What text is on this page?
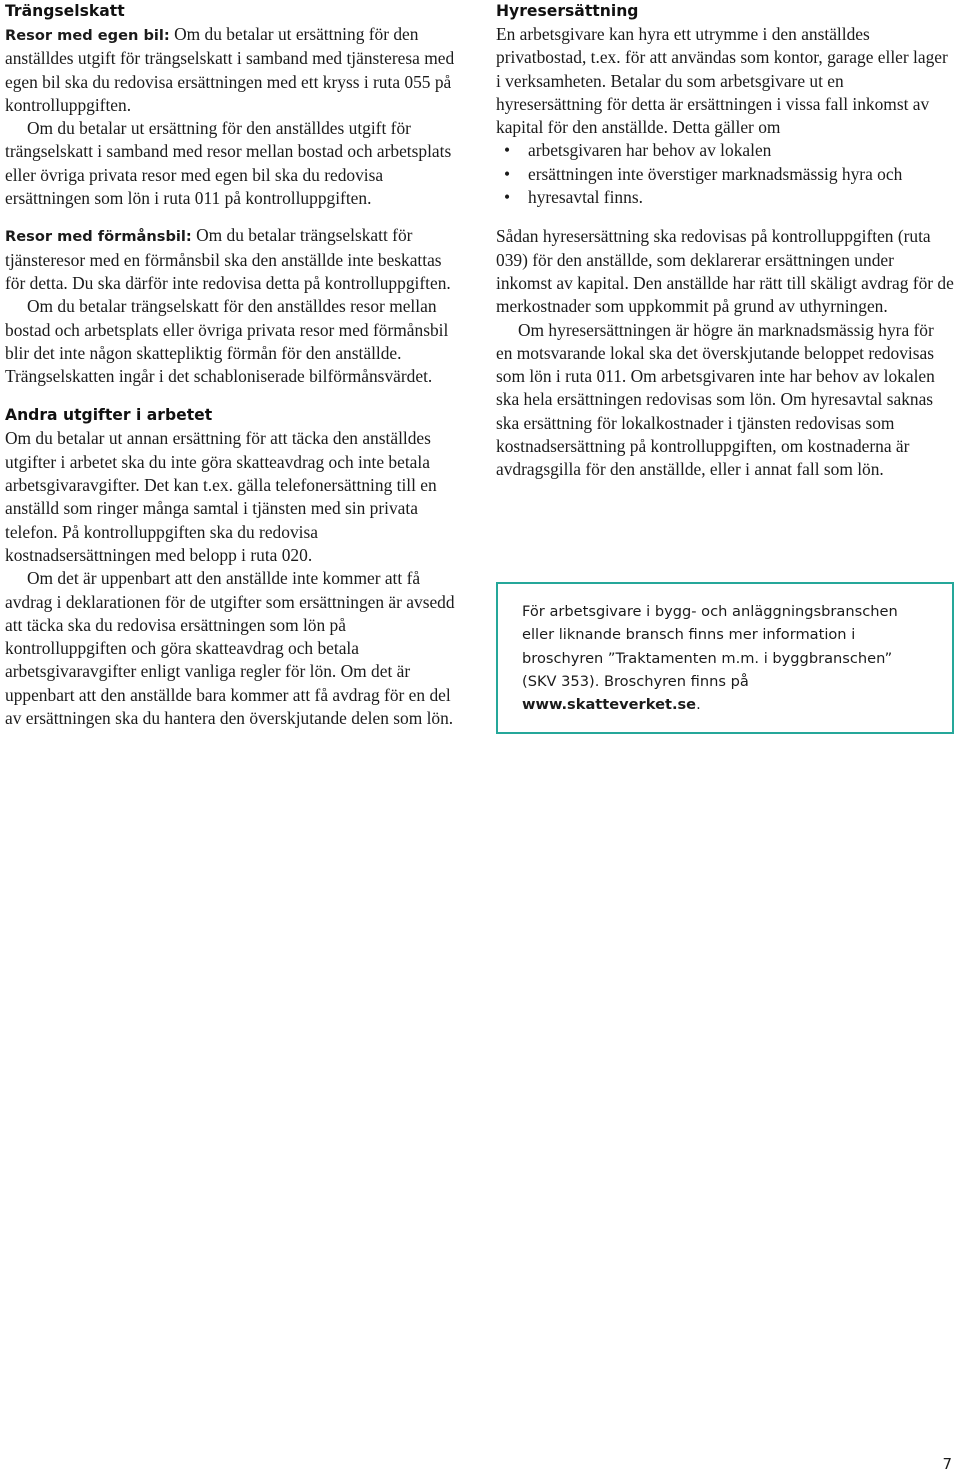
Trängselskatt

Resor med egen bil: Om du betalar ut ersättning för den anställdes utgift för trängselskatt i samband med tjänsteresa med egen bil ska du redovisa ersättningen med ett kryss i ruta 055 på kontrolluppgiften.

Om du betalar ut ersättning för den anställdes utgift för trängselskatt i samband med resor mellan bostad och arbetsplats eller övriga privata resor med egen bil ska du redovisa ersättningen som lön i ruta 011 på kontrolluppgiften.

Resor med förmånsbil: Om du betalar trängselskatt för tjänsteresor med en förmånsbil ska den anställde inte beskattas för detta. Du ska därför inte redovisa detta på kontrolluppgiften.

Om du betalar trängselskatt för den anställdes resor mellan bostad och arbetsplats eller övriga privata resor med förmånsbil blir det inte någon skattepliktig förmån för den anställde. Trängselskatten ingår i det schabloniserade bilförmånsvärdet.

Andra utgifter i arbetet

Om du betalar ut annan ersättning för att täcka den anställdes utgifter i arbetet ska du inte göra skatteavdrag och inte betala arbetsgivaravgifter. Det kan t.ex. gälla telefonersättning till en anställd som ringer många samtal i tjänsten med sin privata telefon. På kontrolluppgiften ska du redovisa kostnadsersättningen med belopp i ruta 020.

Om det är uppenbart att den anställde inte kommer att få avdrag i deklarationen för de utgifter som ersättningen är avsedd att täcka ska du redovisa ersättningen som lön på kontrolluppgiften och göra skatteavdrag och betala arbetsgivaravgifter enligt vanliga regler för lön. Om det är uppenbart att den anställde bara kommer att få avdrag för en del av ersättningen ska du hantera den överskjutande delen som lön.

Hyresersättning

En arbetsgivare kan hyra ett utrymme i den anställdes privatbostad, t.ex. för att användas som kontor, garage eller lager i verksamheten. Betalar du som arbetsgivare ut en hyresersättning för detta är ersättningen i vissa fall inkomst av kapital för den anställde. Detta gäller om

• arbetsgivaren har behov av lokalen
• ersättningen inte överstiger marknadsmässig hyra och
• hyresavtal finns.

Sådan hyresersättning ska redovisas på kontrolluppgiften (ruta 039) för den anställde, som deklarerar ersättningen under inkomst av kapital. Den anställde har rätt till skäligt avdrag för de merkostnader som uppkommit på grund av uthyrningen.

Om hyresersättningen är högre än marknadsmässig hyra för en motsvarande lokal ska det överskjutande beloppet redovisas som lön i ruta 011. Om arbetsgivaren inte har behov av lokalen ska hela ersättningen redovisas som lön. Om hyresavtal saknas ska ersättning för lokalkostnader i tjänsten redovisas som kostnadsersättning på kontrolluppgiften, om kostnaderna är avdragsgilla för den anställde, eller i annat fall som lön.

För arbetsgivare i bygg- och anläggningsbranschen eller liknande bransch finns mer information i broschyren ”Traktamenten m.m. i byggbranschen” (SKV 353). Broschyren finns på www.skatteverket.se.
7
